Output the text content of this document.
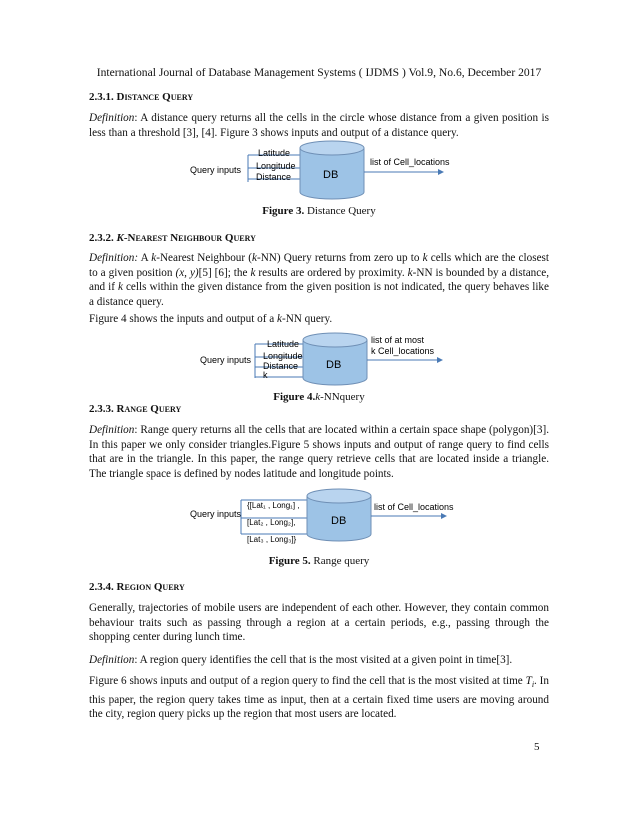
International Journal of Database Management Systems ( IJDMS ) Vol.9, No.6, December 2017
2.3.1. Distance Query
Definition: A distance query returns all the cells in the circle whose distance from a given position is less than a threshold [3], [4]. Figure 3 shows inputs and output of a distance query.
Query inputs
Latitude
Longitude
Distance	DB
list of Cell_locations
Figure 3. Distance Query
2.3.2. K-Nearest Neighbour Query
Definition: A k-Nearest Neighbour (k-NN) Query returns from zero up to k cells which are the closest to a given position (x, y)[5] [6]; the k results are ordered by proximity. k-NN is bounded by a distance, and if k cells within the given distance from the given position is not indicated, the query behaves like a distance query.
Figure 4 shows the inputs and output of a k-NN query.
Query inputs
Latitude
Longitude
Distance
k
DB
list of at most
k Cell_locations
Figure 4.k-NNquery
2.3.3. Range Query
Definition: Range query returns all the cells that are located within a certain space shape (polygon)[3]. In this paper we only consider triangles.Figure 5 shows inputs and output of range query to find cells that are in the triangle. In this paper, the range query retrieve cells that are located inside a triangle. The triangle space is defined by nodes latitude and longitude points.
Query inputs
{[Lat₁ , Long₁] ,
[Lat₂ , Long₂],
[Lat₃ , Long₃]}
DB
list of Cell_locations
Figure 5. Range query
2.3.4. Region Query
Generally, trajectories of mobile users are independent of each other. However, they contain common behaviour traits such as passing through a region at a certain periods, e.g., passing through the shopping center during lunch time.
Definition: A region query identifies the cell that is the most visited at a given point in time[3].
Figure 6 shows inputs and output of a region query to find the cell that is the most visited at time $T_i$. In this paper, the region query takes time as input, then at a certain fixed time users are moving around the city, region query picks up the region that most users are located.
5
